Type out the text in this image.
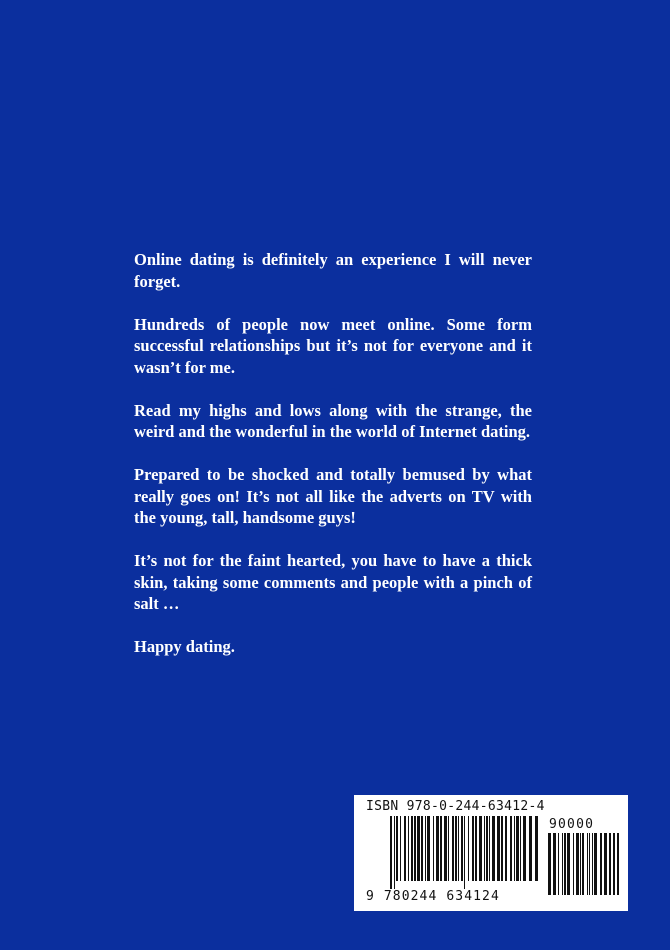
Online dating is definitely an experience I will never forget.

Hundreds of people now meet online. Some form successful relationships but it’s not for everyone and it wasn’t for me.

Read my highs and lows along with the strange, the weird and the wonderful in the world of Internet dating.

Prepared to be shocked and totally bemused by what really goes on! It’s not all like the adverts on TV with the young, tall, handsome guys!

It’s not for the faint hearted, you have to have a thick skin, taking some comments and people with a pinch of salt …

Happy dating.

ISBN 978-0-244-63412-4
90000
9 780244 634124
